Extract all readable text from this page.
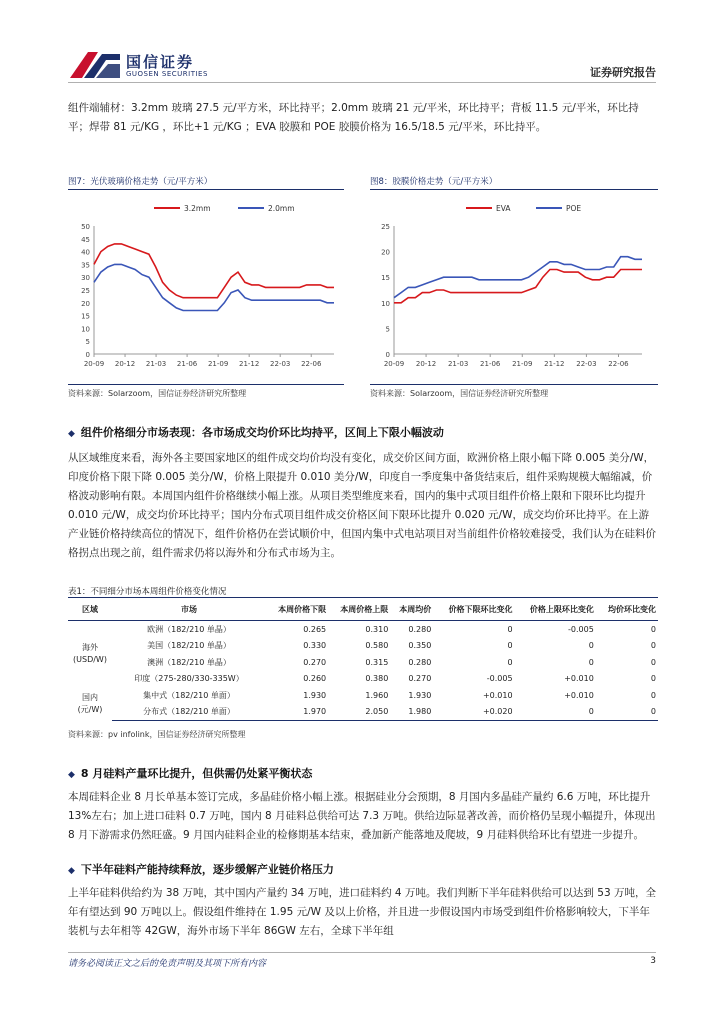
国信证券
GUOSEN SECURITIES	证券研究报告
组件端辅材：3.2mm 玻璃 27.5 元/平方米，环比持平；2.0mm 玻璃 21 元/平米，环比持平；背板 11.5 元/平米，环比持平；焊带 81 元/KG ，环比+1 元/KG ；EVA 胶膜和 POE 胶膜价格为 16.5/18.5 元/平米，环比持平。
图7：光伏玻璃价格走势（元/平方米）
3.2mm	2.0mm
0
5
10
15
20
25
30
35
40
45
50
20-09 20-12 21-03 21-06 21-09 21-12 22-03 22-06
资料来源：Solarzoom，国信证券经济研究所整理
图8：胶膜价格走势（元/平方米）
EVA	POE
0
5
10
15
20
25
20-09 20-12 21-03 21-06 21-09 21-12 22-03 22-06
资料来源：Solarzoom，国信证券经济研究所整理
◆ 组件价格细分市场表现：各市场成交均价环比均持平，区间上下限小幅波动
从区域维度来看，海外各主要国家地区的组件成交均价均没有变化，成交价区间方面，欧洲价格上限小幅下降 0.005 美分/W，印度价格下限下降 0.005 美分/W，价格上限提升 0.010 美分/W，印度自一季度集中备货结束后，组件采购规模大幅缩减，价格波动影响有限。本周国内组件价格继续小幅上涨。从项目类型维度来看，国内的集中式项目组件价格上限和下限环比均提升 0.010 元/W，成交均价环比持平；国内分布式项目组件成交价格区间下限环比提升 0.020 元/W，成交均价环比持平。在上游产业链价格持续高位的情况下，组件价格仍在尝试顺价中，但国内集中式电站项目对当前组件价格较难接受，我们认为在硅料价格拐点出现之前，组件需求仍将以海外和分布式市场为主。
表1：不同细分市场本周组件价格变化情况
区域	市场	本周价格下限	本周价格上限	本周均价	价格下限环比变化	价格上限环比变化	均价环比变化
海外
(USD/W)	欧洲（182/210 单晶）	0.265	0.310	0.280	0	-0.005	0
	美国（182/210 单晶）	0.330	0.580	0.350	0	0	0
	澳洲（182/210 单晶）	0.270	0.315	0.280	0	0	0
	印度（275-280/330-335W）	0.260	0.380	0.270	-0.005	+0.010	0
国内
(元/W)	集中式（182/210 单面）	1.930	1.960	1.930	+0.010	+0.010	0
	分布式（182/210 单面）	1.970	2.050	1.980	+0.020	0	0
资料来源：pv infolink，国信证券经济研究所整理
◆ 8 月硅料产量环比提升，但供需仍处紧平衡状态
本周硅料企业 8 月长单基本签订完成，多晶硅价格小幅上涨。根据硅业分会预期，8 月国内多晶硅产量约 6.6 万吨，环比提升 13%左右；加上进口硅料 0.7 万吨，国内 8 月硅料总供给可达 7.3 万吨。供给边际显著改善，而价格仍呈现小幅提升，体现出 8 月下游需求仍然旺盛。9 月国内硅料企业的检修期基本结束，叠加新产能落地及爬坡，9 月硅料供给环比有望进一步提升。
◆ 下半年硅料产能持续释放，逐步缓解产业链价格压力
上半年硅料供给约为 38 万吨，其中国内产量约 34 万吨，进口硅料约 4 万吨。我们判断下半年硅料供给可以达到 53 万吨，全年有望达到 90 万吨以上。假设组件维持在 1.95 元/W 及以上价格，并且进一步假设国内市场受到组件价格影响较大，下半年装机与去年相等 42GW，海外市场下半年 86GW 左右，全球下半年组
请务必阅读正文之后的免责声明及其项下所有内容	3
